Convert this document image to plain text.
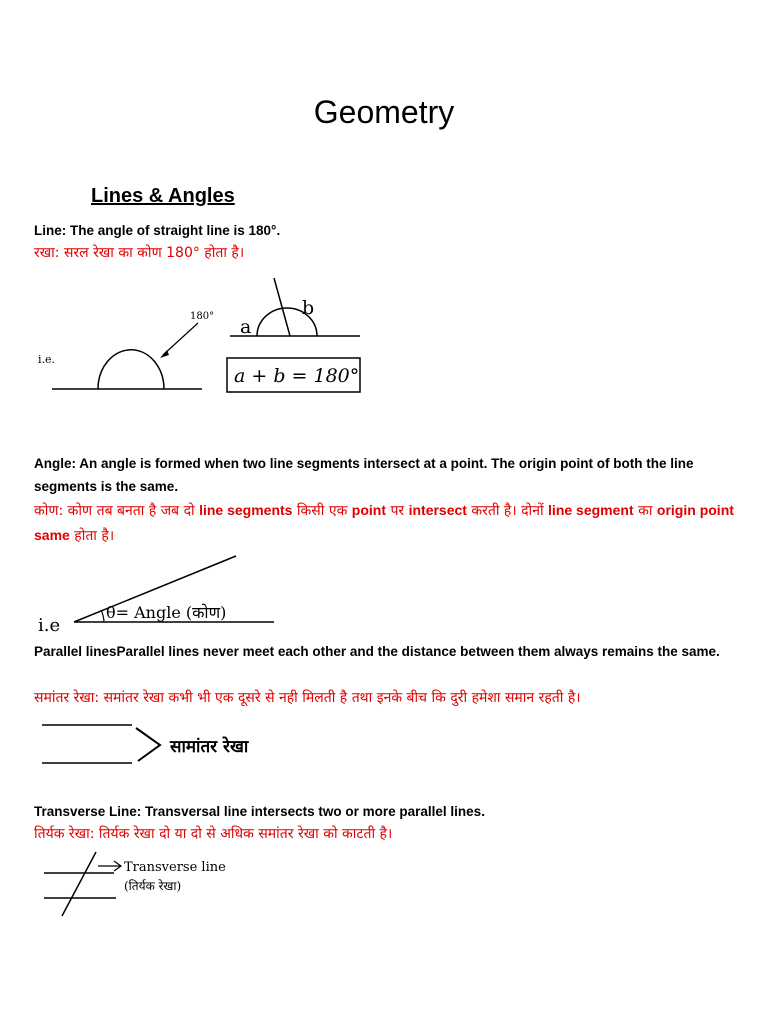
Geometry
Lines & Angles
Line: The angle of straight line is 180°.
रखा: सरल रेखा का कोण 180° होता है।
i.e.
180° a
b
a + b = 180°
Angle: An angle is formed when two line segments intersect at a point. The origin point of both the line segments is the same.
कोण: कोण तब बनता है जब दो line segments किसी एक point पर intersect करती है। दोनों line segment का origin point same होता है।
i.e
θ= Angle (कोण)
Parallel linesParallel lines never meet each other and the distance between them always remains the same.
समांतर रेखा: समांतर रेखा कभी भी एक दूसरे से नही मिलती है तथा इनके बीच कि दुरी हमेशा समान रहती है।
सामांतर रेखा
Transverse Line: Transversal line intersects two or more parallel lines.
तिर्यक रेखा: तिर्यक रेखा दो या दो से अधिक समांतर रेखा को काटती है।
Transverse line
(तिर्यक रेखा)
